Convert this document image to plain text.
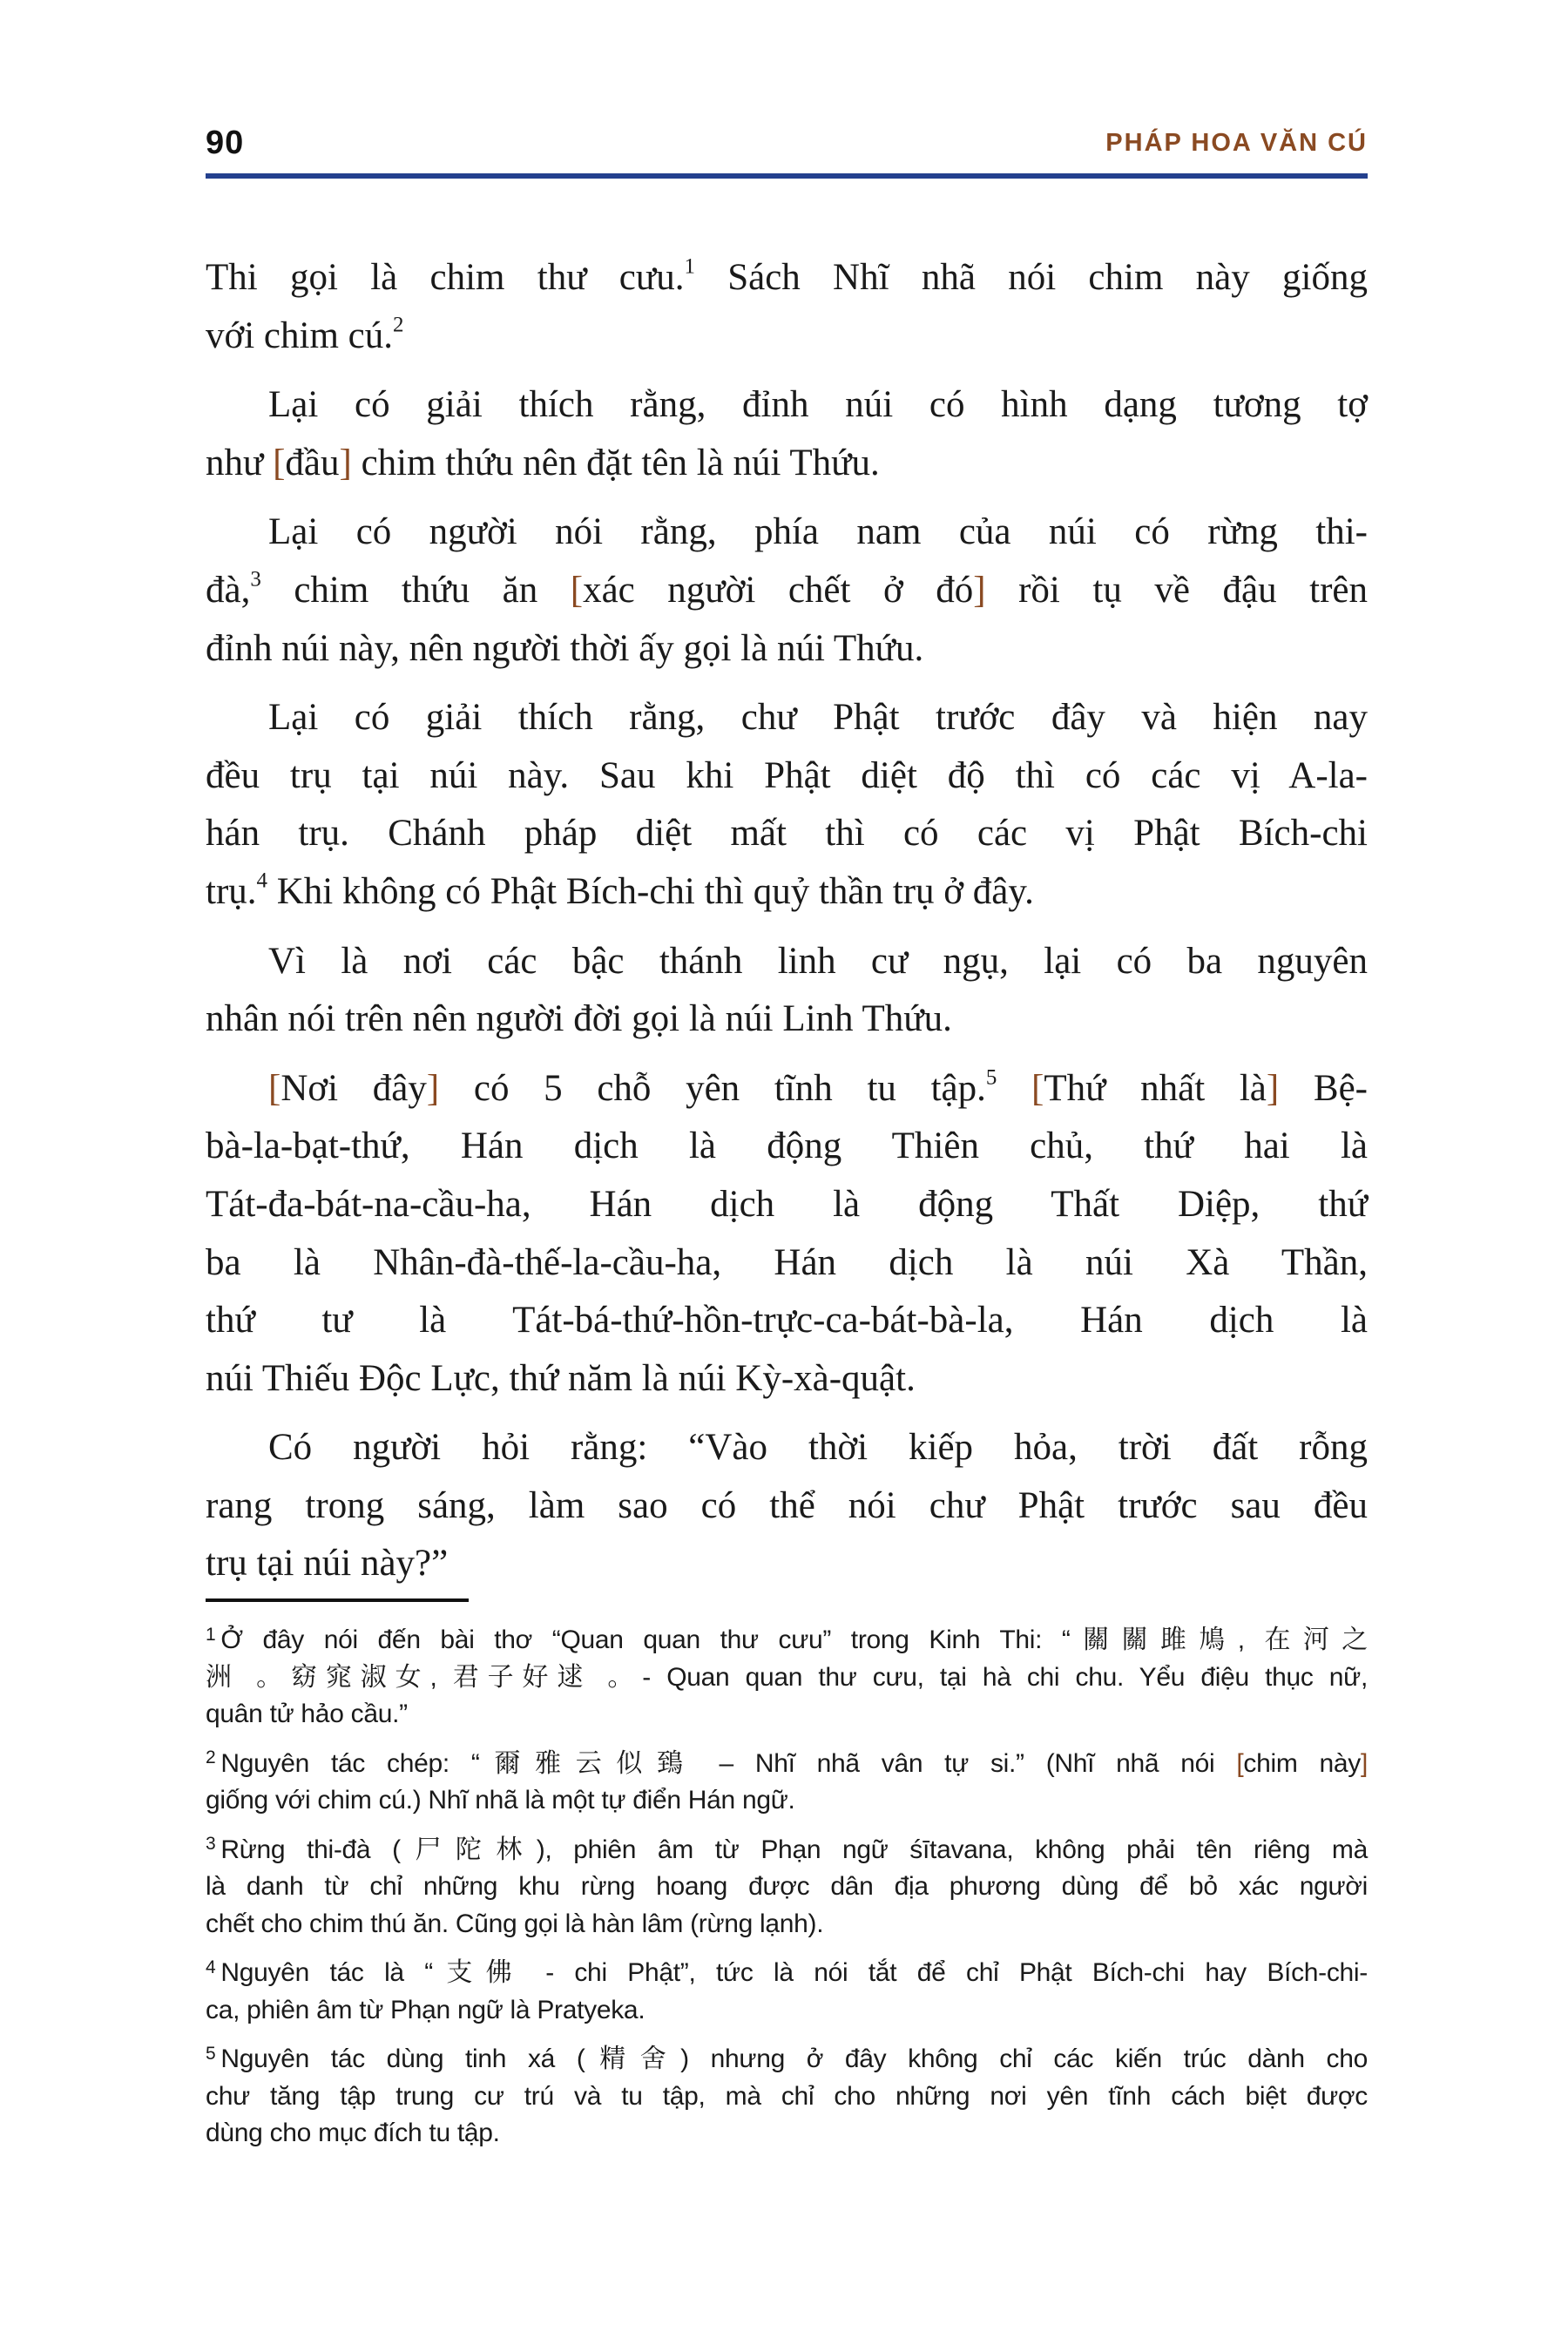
90	PHÁP HOA VĂN CÚ
Thi gọi là chim thư cưu.$^1$ Sách Nhĩ nhã nói chim này giống
với chim cú.$^2$
Lại có giải thích rằng, đỉnh núi có hình dạng tương tợ
như [đầu] chim thứu nên đặt tên là núi Thứu.
Lại có người nói rằng, phía nam của núi có rừng thi-
đà,$^3$ chim thứu ăn [xác người chết ở đó] rồi tụ về đậu trên
đỉnh núi này, nên người thời ấy gọi là núi Thứu.
Lại có giải thích rằng, chư Phật trước đây và hiện nay
đều trụ tại núi này. Sau khi Phật diệt độ thì có các vị A-la-
hán trụ. Chánh pháp diệt mất thì có các vị Phật Bích-chi
trụ.$^4$ Khi không có Phật Bích-chi thì quỷ thần trụ ở đây.
Vì là nơi các bậc thánh linh cư ngụ, lại có ba nguyên
nhân nói trên nên người đời gọi là núi Linh Thứu.
[Nơi đây] có 5 chỗ yên tĩnh tu tập.$^5$ [Thứ nhất là] Bệ-
bà-la-bạt-thứ, Hán dịch là động Thiên chủ, thứ hai là
Tát-đa-bát-na-cầu-ha, Hán dịch là động Thất Diệp, thứ
ba là Nhân-đà-thế-la-cầu-ha, Hán dịch là núi Xà Thần,
thứ tư là Tát-bá-thứ-hồn-trực-ca-bát-bà-la, Hán dịch là
núi Thiếu Độc Lực, thứ năm là núi Kỳ-xà-quật.
Có người hỏi rằng: “Vào thời kiếp hỏa, trời đất rỗng
rang trong sáng, làm sao có thể nói chư Phật trước sau đều
trụ tại núi này?”
$^1$ Ở đây nói đến bài thơ “Quan quan thư cưu” trong Kinh Thi: “關關雎鳩, 在河之
洲 。窈窕淑女, 君子好逑 。- Quan quan thư cưu, tại hà chi chu. Yểu điệu thục nữ,
quân tử hảo cầu.”
$^2$ Nguyên tác chép: “爾雅云似鵄 – Nhĩ nhã vân tự si.” (Nhĩ nhã nói [chim này]
giống với chim cú.) Nhĩ nhã là một tự điển Hán ngữ.
$^3$ Rừng thi-đà (尸陀林), phiên âm từ Phạn ngữ śītavana, không phải tên riêng mà
là danh từ chỉ những khu rừng hoang được dân địa phương dùng để bỏ xác người
chết cho chim thú ăn. Cũng gọi là hàn lâm (rừng lạnh).
$^4$ Nguyên tác là “支佛 - chi Phật”, tức là nói tắt để chỉ Phật Bích-chi hay Bích-chi-
ca, phiên âm từ Phạn ngữ là Pratyeka.
$^5$ Nguyên tác dùng tinh xá (精舍) nhưng ở đây không chỉ các kiến trúc dành cho
chư tăng tập trung cư trú và tu tập, mà chỉ cho những nơi yên tĩnh cách biệt được
dùng cho mục đích tu tập.
